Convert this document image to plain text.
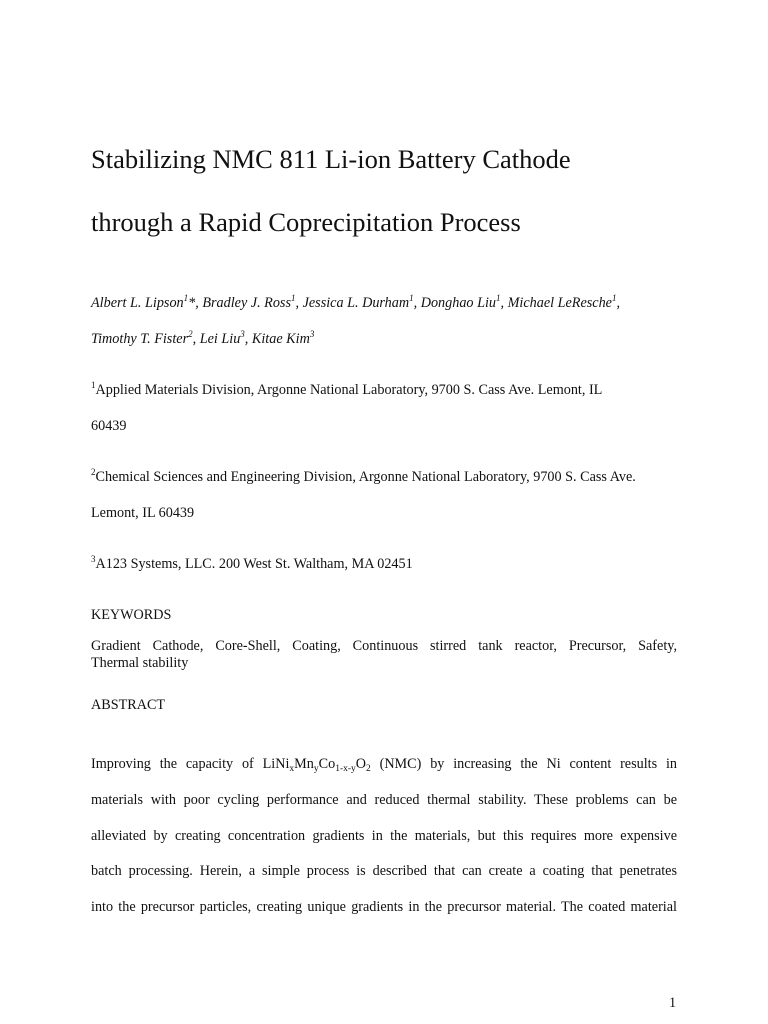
Stabilizing NMC 811 Li-ion Battery Cathode
through a Rapid Coprecipitation Process
Albert L. Lipson$^1$*, Bradley J. Ross$^1$, Jessica L. Durham$^1$, Donghao Liu$^1$, Michael LeResche$^1$,
Timothy T. Fister$^2$, Lei Liu$^3$, Kitae Kim$^3$
$^1$Applied Materials Division, Argonne National Laboratory, 9700 S. Cass Ave. Lemont, IL
60439
$^2$Chemical Sciences and Engineering Division, Argonne National Laboratory, 9700 S. Cass Ave.
Lemont, IL 60439
$^3$A123 Systems, LLC. 200 West St. Waltham, MA 02451
KEYWORDS
Gradient Cathode, Core-Shell, Coating, Continuous stirred tank reactor, Precursor, Safety,
Thermal stability
ABSTRACT
Improving the capacity of $LiNi_xMn_yCo_{1-x-y}O_2$ (NMC) by increasing the Ni content results in
materials with poor cycling performance and reduced thermal stability. These problems can be
alleviated by creating concentration gradients in the materials, but this requires more expensive
batch processing. Herein, a simple process is described that can create a coating that penetrates
into the precursor particles, creating unique gradients in the precursor material. The coated material
1
